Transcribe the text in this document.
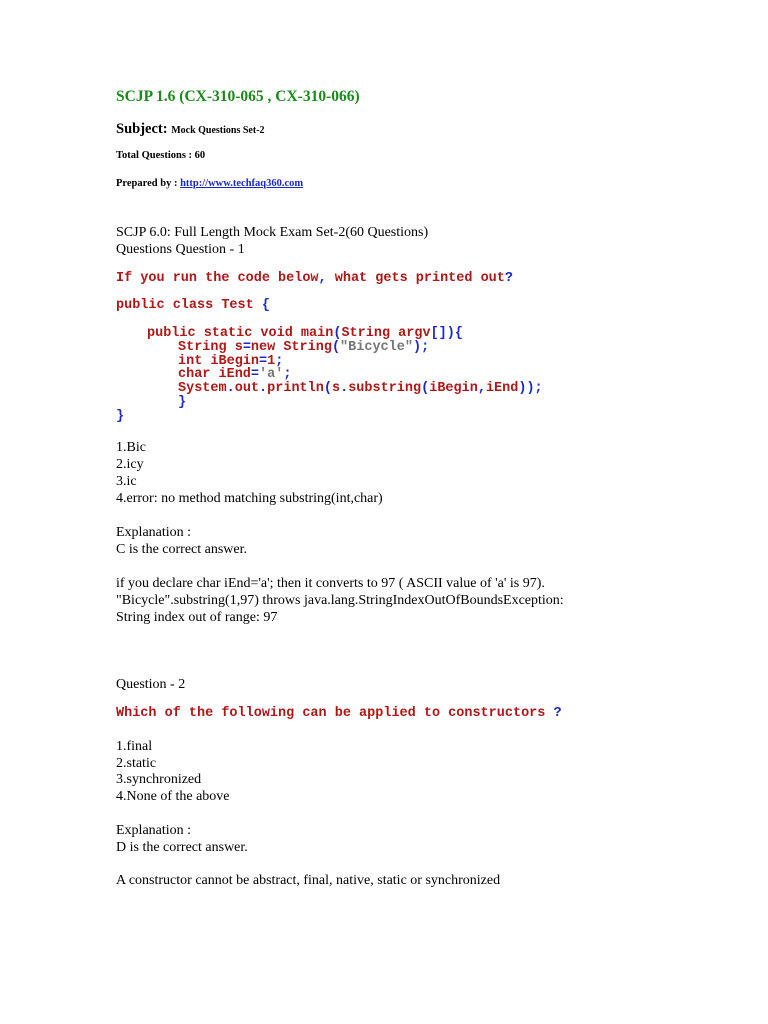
SCJP 1.6 (CX-310-065 , CX-310-066)
Subject: Mock Questions Set-2
Total Questions : 60
Prepared by : http://www.techfaq360.com
SCJP 6.0: Full Length Mock Exam Set-2(60 Questions)
Questions Question - 1
If you run the code below, what gets printed out?
public class Test {
public static void main(String argv[]){
String s=new String("Bicycle");
int iBegin=1;
char iEnd='a';
System.out.println(s.substring(iBegin,iEnd));
}
}
1.Bic
2.icy
3.ic
4.error: no method matching substring(int,char)
Explanation :
C is the correct answer.
if you declare char iEnd='a'; then it converts to 97 ( ASCII value of 'a' is 97).
"Bicycle".substring(1,97) throws java.lang.StringIndexOutOfBoundsException:
String index out of range: 97
Question - 2
Which of the following can be applied to constructors ?
1.final
2.static
3.synchronized
4.None of the above
Explanation :
D is the correct answer.
A constructor cannot be abstract, final, native, static or synchronized
